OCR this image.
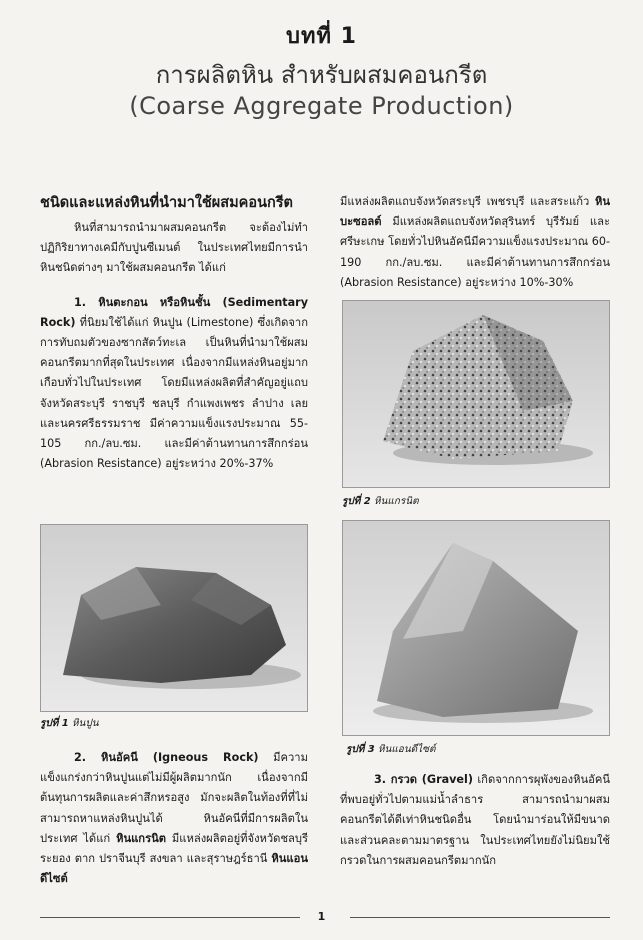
บทที่ 1
การผลิตหิน สำหรับผสมคอนกรีต
(Coarse Aggregate Production)
ชนิดและแหล่งหินที่นำมาใช้ผสมคอนกรีต

หินที่สามารถนำมาผสมคอนกรีต จะต้องไม่ทำปฏิกิริยาทางเคมีกับปูนซีเมนต์ ในประเทศไทยมีการนำหินชนิดต่างๆ มาใช้ผสมคอนกรีต ได้แก่

1. หินตะกอน หรือหินชั้น (Sedimentary Rock) ที่นิยมใช้ได้แก่ หินปูน (Limestone) ซึ่งเกิดจากการทับถมตัวของซากสัตว์ทะเล เป็นหินที่นำมาใช้ผสมคอนกรีตมากที่สุดในประเทศ เนื่องจากมีแหล่งหินอยู่มากเกือบทั่วไปในประเทศ โดยมีแหล่งผลิตที่สำคัญอยู่แถบจังหวัดสระบุรี ราชบุรี ชลบุรี กำแพงเพชร ลำปาง เลย และนครศรีธรรมราช มีค่าความแข็งแรงประมาณ 55-105 กก./ลบ.ซม. และมีค่าต้านทานการสึกกร่อน (Abrasion Resistance) อยู่ระหว่าง 20%-37%

รูปที่ 1 หินปูน

2. หินอัคนี (Igneous Rock) มีความแข็งแกร่งกว่าหินปูนแต่ไม่มีผู้ผลิตมากนัก เนื่องจากมีต้นทุนการผลิตและค่าสึกหรอสูง มักจะผลิตในท้องที่ที่ไม่สามารถหาแหล่งหินปูนได้ หินอัคนีที่มีการผลิตในประเทศ ได้แก่ หินแกรนิต มีแหล่งผลิตอยู่ที่จังหวัดชลบุรี ระยอง ตาก ปราจีนบุรี สงขลา และสุราษฎร์ธานี หินแอนดีไซต์

มีแหล่งผลิตแถบจังหวัดสระบุรี เพชรบุรี และสระแก้ว หินบะซอลต์ มีแหล่งผลิตแถบจังหวัดสุรินทร์ บุรีรัมย์ และศรีษะเกษ โดยทั่วไปหินอัคนีมีความแข็งแรงประมาณ 60-190 กก./ลบ.ซม. และมีค่าต้านทานการสึกกร่อน (Abrasion Resistance) อยู่ระหว่าง 10%-30%

รูปที่ 2 หินแกรนิต
รูปที่ 3 หินแอนดีไซต์

3. กรวด (Gravel) เกิดจากการผุพังของหินอัคนีที่พบอยู่ทั่วไปตามแม่น้ำลำธาร สามารถนำมาผสมคอนกรีตได้ดีเท่าหินชนิดอื่น โดยนำมาร่อนให้มีขนาดและส่วนคละตามมาตรฐาน ในประเทศไทยยังไม่นิยมใช้กรวดในการผสมคอนกรีตมากนัก

1
